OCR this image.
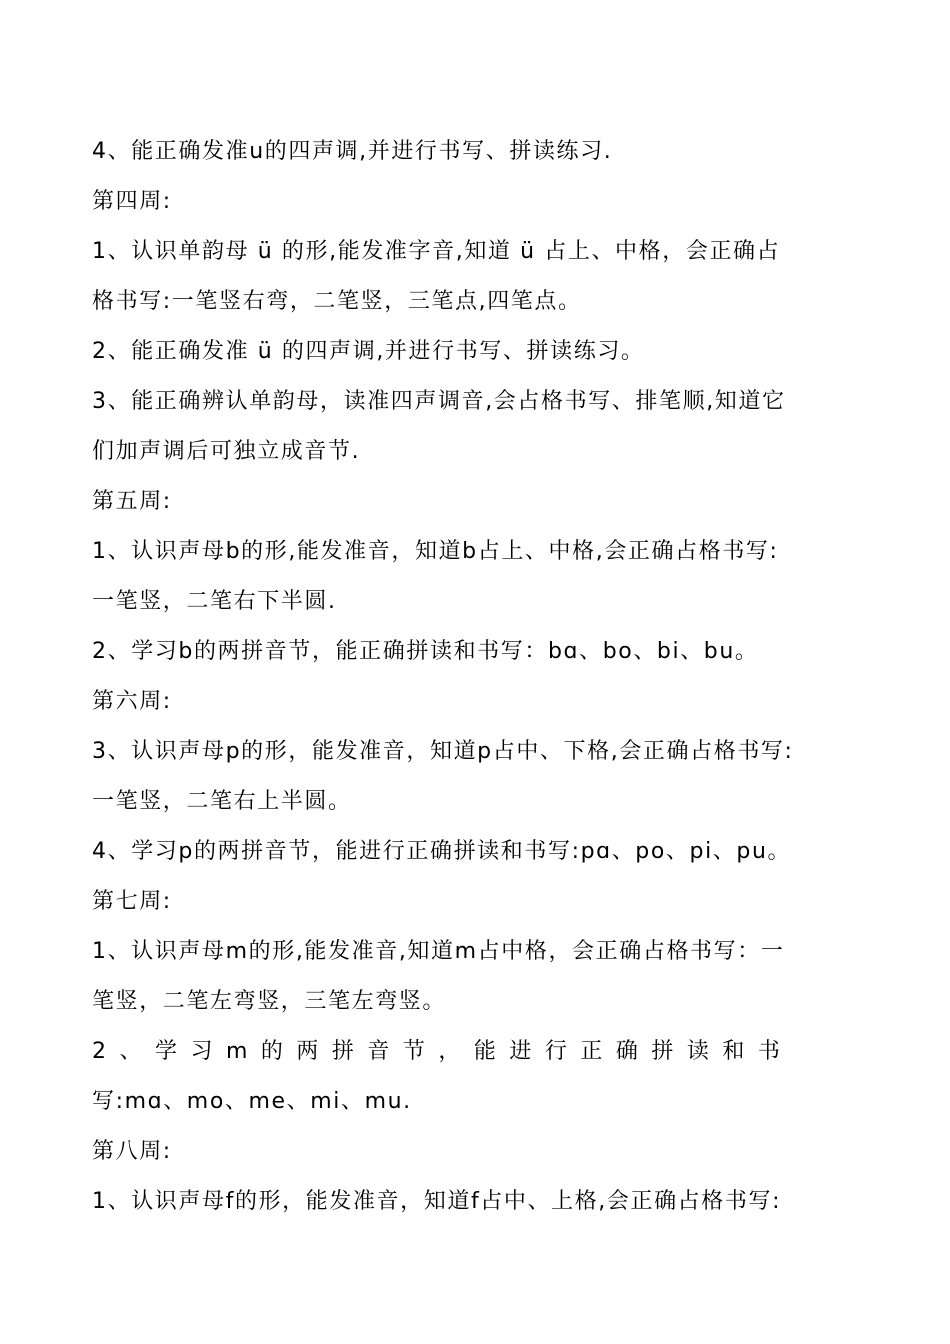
4、能正确发准u的四声调,并进行书写、拼读练习.
第四周:
1、认识单韵母 ü 的形,能发准字音,知道 ü 占上、中格，会正确占
格书写:一笔竖右弯，二笔竖，三笔点,四笔点。
2、能正确发准 ü 的四声调,并进行书写、拼读练习。
3、能正确辨认单韵母，读准四声调音,会占格书写、排笔顺,知道它
们加声调后可独立成音节.
第五周:
1、认识声母b的形,能发准音，知道b占上、中格,会正确占格书写:
一笔竖，二笔右下半圆.
2、学习b的两拼音节，能正确拼读和书写：bɑ、bo、bi、bu。
第六周:
3、认识声母p的形，能发准音，知道p占中、下格,会正确占格书写:
一笔竖，二笔右上半圆。
4、学习p的两拼音节，能进行正确拼读和书写:pɑ、po、pi、pu。
第七周:
1、认识声母m的形,能发准音,知道m占中格，会正确占格书写：一
笔竖，二笔左弯竖，三笔左弯竖。
2、学习m的两拼音节，能进行正确拼读和书
写:mɑ、mo、me、mi、mu.
第八周:
1、认识声母f的形，能发准音，知道f占中、上格,会正确占格书写:
